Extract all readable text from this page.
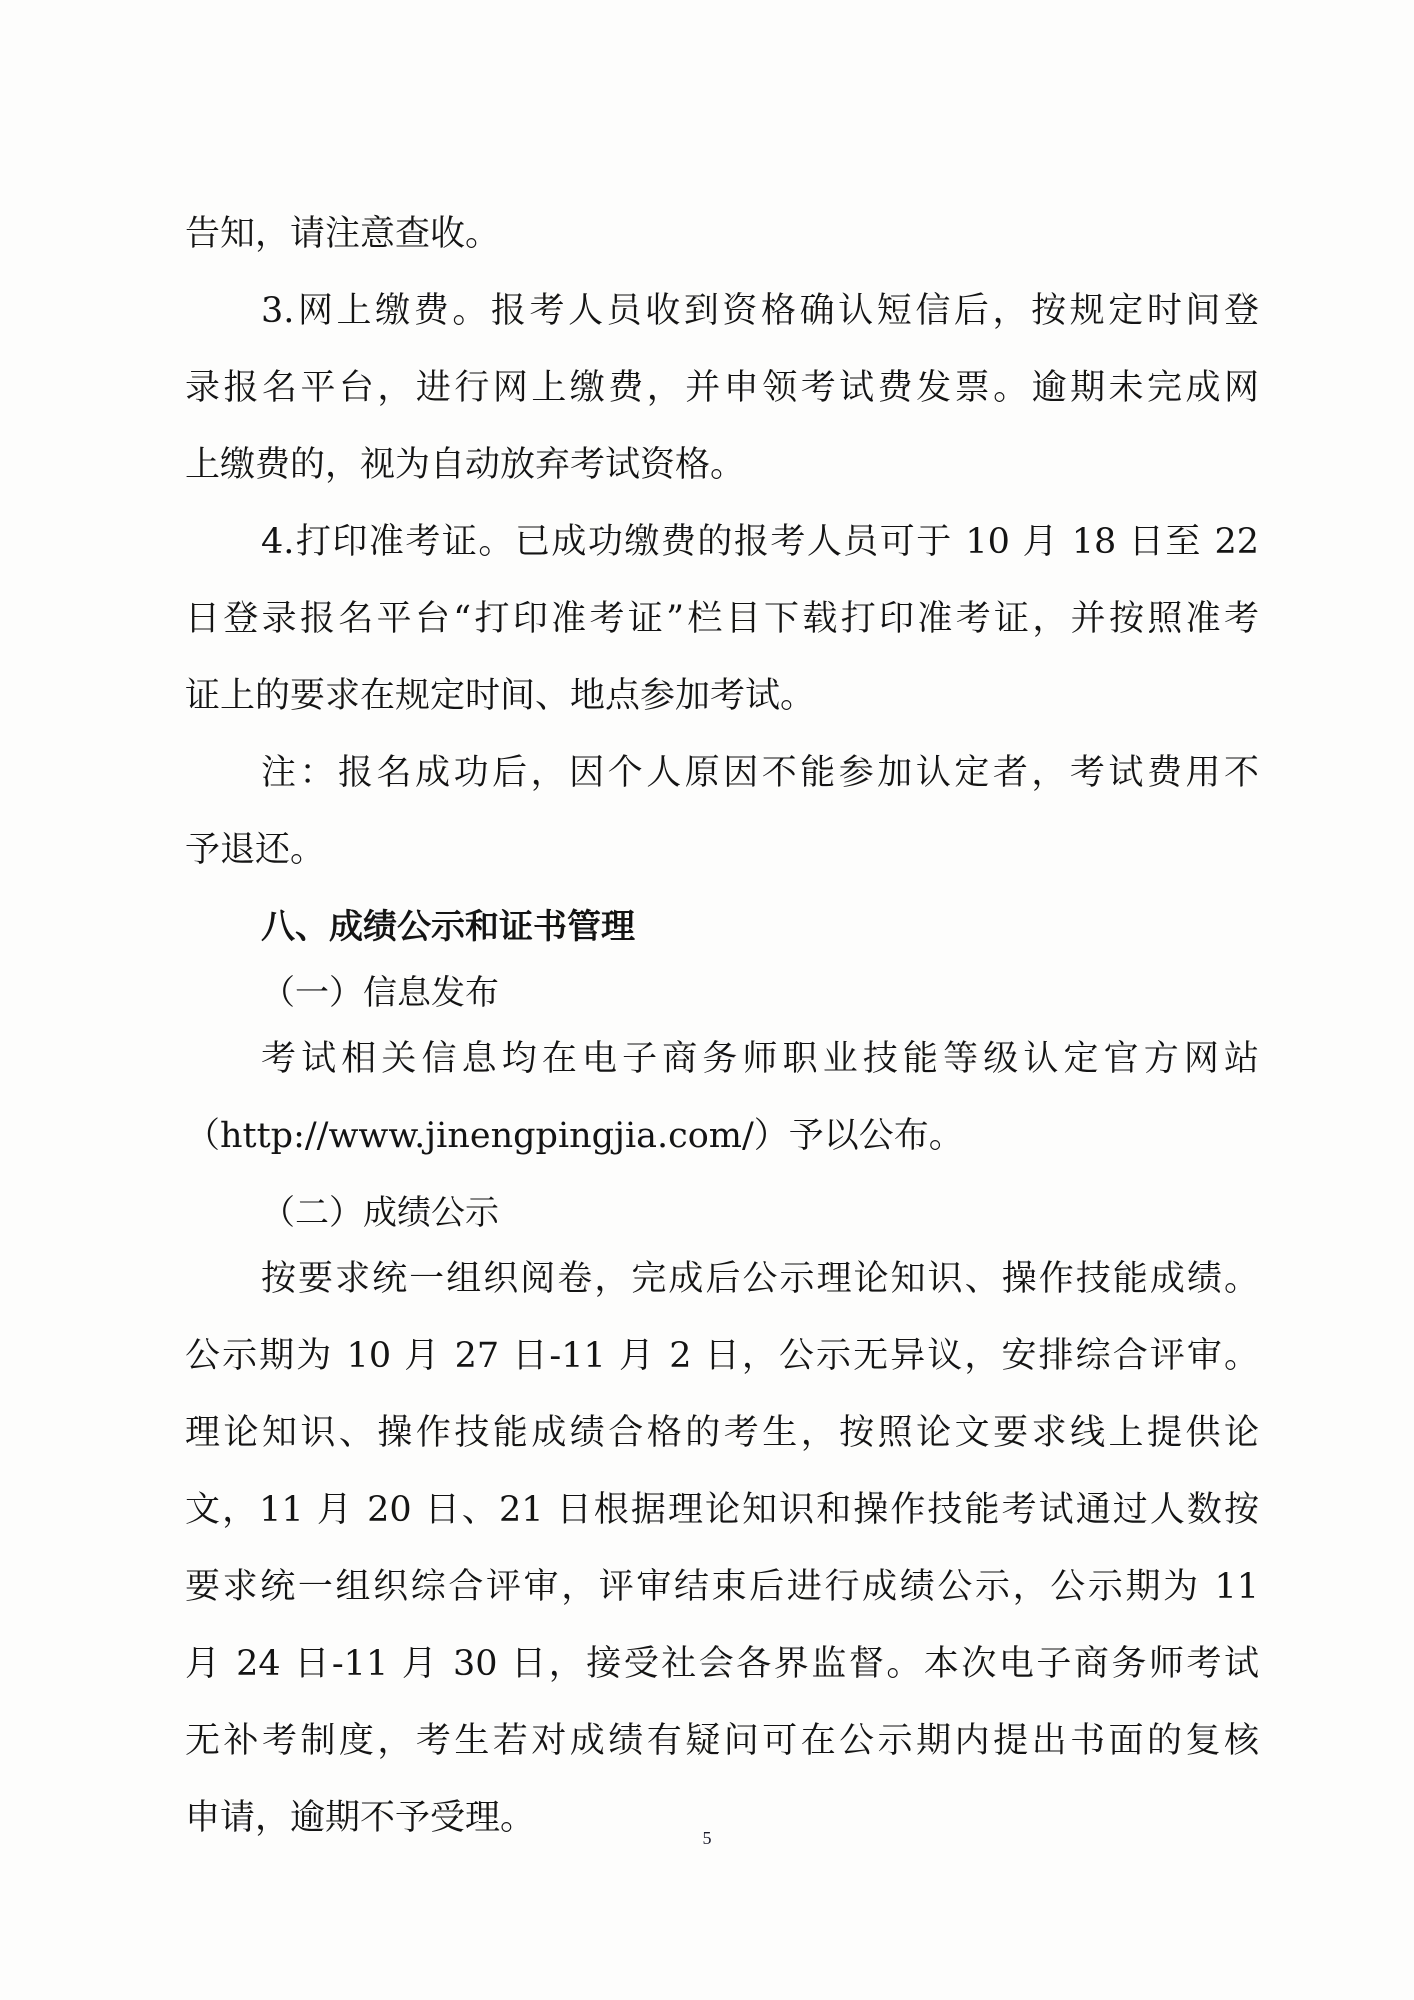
告知，请注意查收。
3.网上缴费。报考人员收到资格确认短信后，按规定时间登
录报名平台，进行网上缴费，并申领考试费发票。逾期未完成网
上缴费的，视为自动放弃考试资格。
4.打印准考证。已成功缴费的报考人员可于 10 月 18 日至 22
日登录报名平台“打印准考证”栏目下载打印准考证，并按照准考
证上的要求在规定时间、地点参加考试。
注：报名成功后，因个人原因不能参加认定者，考试费用不
予退还。
八、成绩公示和证书管理
（一）信息发布
考试相关信息均在电子商务师职业技能等级认定官方网站
（http://www.jinengpingjia.com/）予以公布。
（二）成绩公示
按要求统一组织阅卷，完成后公示理论知识、操作技能成绩。
公示期为 10 月 27 日-11 月 2 日，公示无异议，安排综合评审。
理论知识、操作技能成绩合格的考生，按照论文要求线上提供论
文，11 月 20 日、21 日根据理论知识和操作技能考试通过人数按
要求统一组织综合评审，评审结束后进行成绩公示，公示期为 11
月 24 日-11 月 30 日，接受社会各界监督。本次电子商务师考试
无补考制度，考生若对成绩有疑问可在公示期内提出书面的复核
申请，逾期不予受理。	5
